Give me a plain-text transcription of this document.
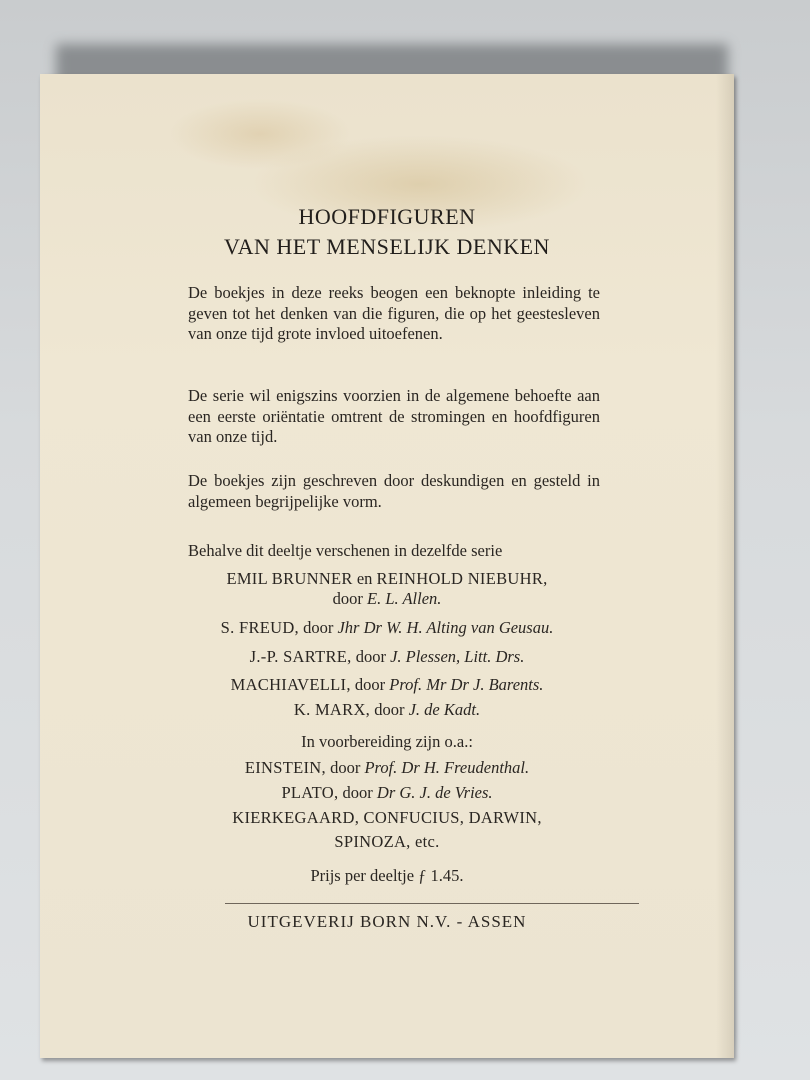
HOOFDFIGUREN
VAN HET MENSELIJK DENKEN
De boekjes in deze reeks beogen een beknopte inleiding te geven tot het denken van die figuren, die op het geestesleven van onze tijd grote invloed uitoefenen.
De serie wil enigszins voorzien in de algemene behoefte aan een eerste oriëntatie omtrent de stromingen en hoofdfiguren van onze tijd.
De boekjes zijn geschreven door deskundigen en gesteld in algemeen begrijpelijke vorm.
Behalve dit deeltje verschenen in dezelfde serie
EMIL BRUNNER en REINHOLD NIEBUHR,
door E. L. Allen.
S. FREUD, door Jhr Dr W. H. Alting van Geusau.
J.-P. SARTRE, door J. Plessen, Litt. Drs.
MACHIAVELLI, door Prof. Mr Dr J. Barents.
K. MARX, door J. de Kadt.
In voorbereiding zijn o.a.:
EINSTEIN, door Prof. Dr H. Freudenthal.
PLATO, door Dr G. J. de Vries.
KIERKEGAARD, CONFUCIUS, DARWIN,
SPINOZA, etc.
Prijs per deeltje ƒ 1.45.
UITGEVERIJ BORN N.V. - ASSEN
